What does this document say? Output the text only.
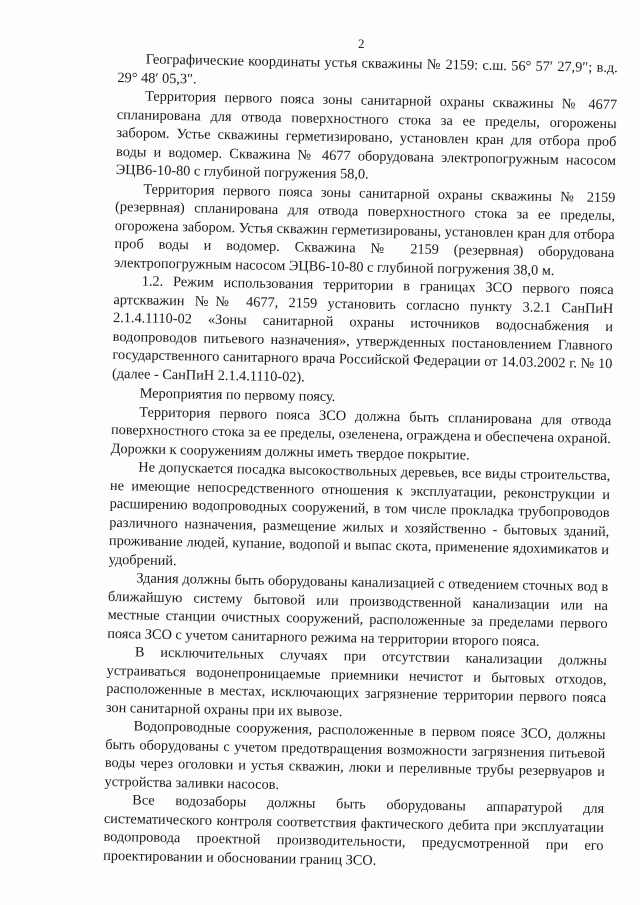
2

Географические координаты устья скважины № 2159: с.ш. 56° 57′ 27,9″; в.д. 29° 48′ 05,3″.

Территория первого пояса зоны санитарной охраны скважины № 4677 спланирована для отвода поверхностного стока за ее пределы, огорожены забором. Устье скважины герметизировано, установлен кран для отбора проб воды и водомер. Скважина № 4677 оборудована электропогружным насосом ЭЦВ6-10-80 с глубиной погружения 58,0.

Территория первого пояса зоны санитарной охраны скважины № 2159 (резервная) спланирована для отвода поверхностного стока за ее пределы, огорожена забором. Устья скважин герметизированы, установлен кран для отбора проб воды и водомер. Скважина № 2159 (резервная) оборудована электропогружным насосом ЭЦВ6-10-80 с глубиной погружения 38,0 м.

1.2. Режим использования территории в границах ЗСО первого пояса артскважин №№ 4677, 2159 установить согласно пункту 3.2.1 СанПиН 2.1.4.1110-02 «Зоны санитарной охраны источников водоснабжения и водопроводов питьевого назначения», утвержденных постановлением Главного государственного санитарного врача Российской Федерации от 14.03.2002 г. № 10 (далее - СанПиН 2.1.4.1110-02).

Мероприятия по первому поясу.

Территория первого пояса ЗСО должна быть спланирована для отвода поверхностного стока за ее пределы, озеленена, ограждена и обеспечена охраной. Дорожки к сооружениям должны иметь твердое покрытие.

Не допускается посадка высокоствольных деревьев, все виды строительства, не имеющие непосредственного отношения к эксплуатации, реконструкции и расширению водопроводных сооружений, в том числе прокладка трубопроводов различного назначения, размещение жилых и хозяйственно - бытовых зданий, проживание людей, купание, водопой и выпас скота, применение ядохимикатов и удобрений.

Здания должны быть оборудованы канализацией с отведением сточных вод в ближайшую систему бытовой или производственной канализации или на местные станции очистных сооружений, расположенные за пределами первого пояса ЗСО с учетом санитарного режима на территории второго пояса.

В исключительных случаях при отсутствии канализации должны устраиваться водонепроницаемые приемники нечистот и бытовых отходов, расположенные в местах, исключающих загрязнение территории первого пояса зон санитарной охраны при их вывозе.

Водопроводные сооружения, расположенные в первом поясе ЗСО, должны быть оборудованы с учетом предотвращения возможности загрязнения питьевой воды через оголовки и устья скважин, люки и переливные трубы резервуаров и устройства заливки насосов.

Все водозаборы должны быть оборудованы аппаратурой для систематического контроля соответствия фактического дебита при эксплуатации водопровода проектной производительности, предусмотренной при его проектировании и обосновании границ ЗСО.
